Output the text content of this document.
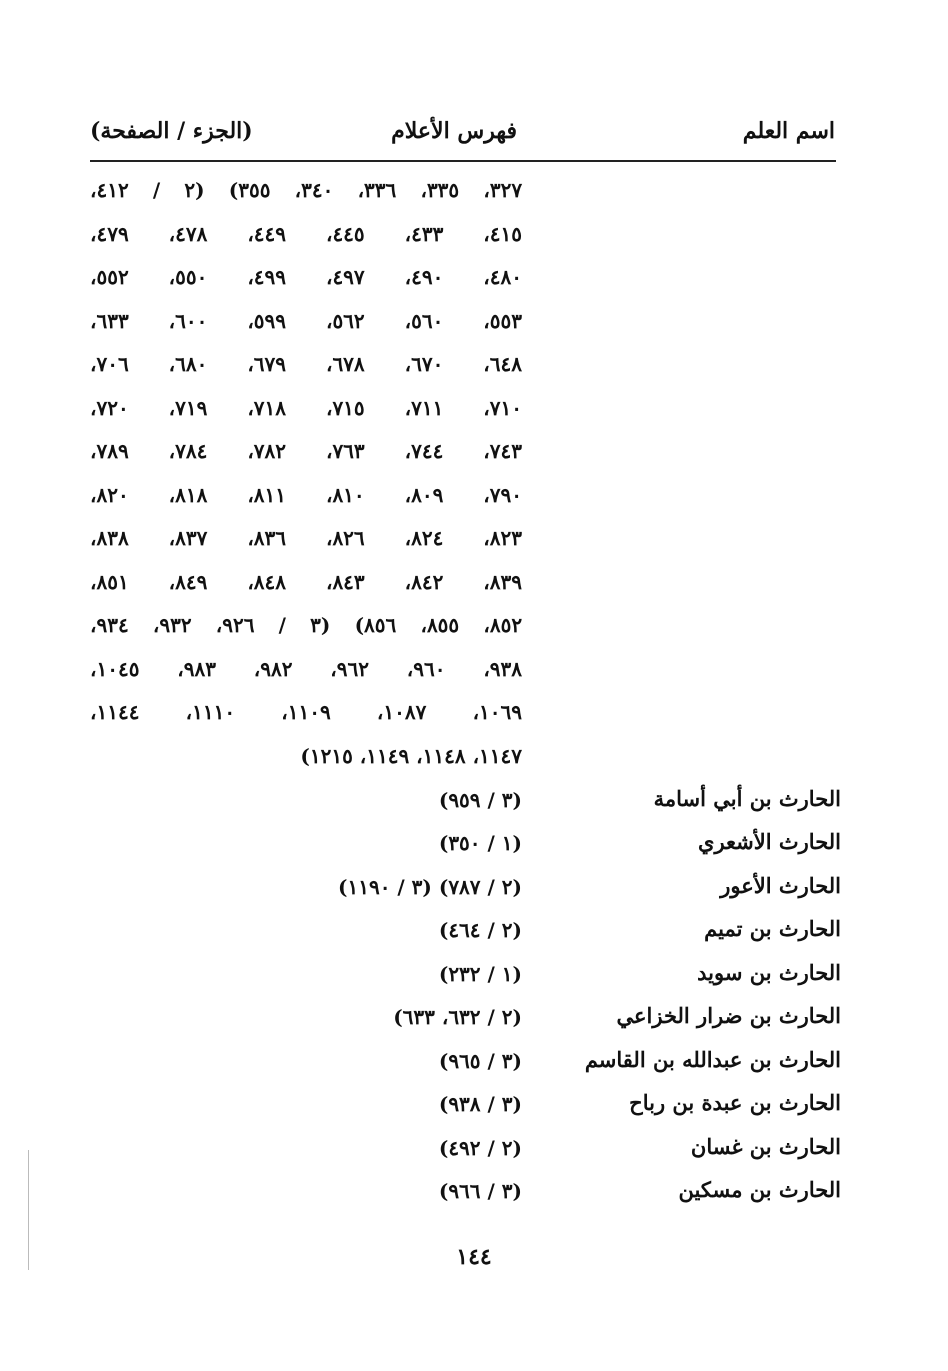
اسم العلم
فهرس الأعلام
(الجزء / الصفحة)
٣٢٧، ٣٣٥، ٣٣٦، ٣٤٠، ٣٥٥) (٢ / ٤١٢،
٤١٥، ٤٣٣، ٤٤٥، ٤٤٩، ٤٧٨، ٤٧٩،
٤٨٠، ٤٩٠، ٤٩٧، ٤٩٩، ٥٥٠، ٥٥٢،
٥٥٣، ٥٦٠، ٥٦٢، ٥٩٩، ٦٠٠، ٦٣٣،
٦٤٨، ٦٧٠، ٦٧٨، ٦٧٩، ٦٨٠، ٧٠٦،
٧١٠، ٧١١، ٧١٥، ٧١٨، ٧١٩، ٧٢٠،
٧٤٣، ٧٤٤، ٧٦٣، ٧٨٢، ٧٨٤، ٧٨٩،
٧٩٠، ٨٠٩، ٨١٠، ٨١١، ٨١٨، ٨٢٠،
٨٢٣، ٨٢٤، ٨٢٦، ٨٣٦، ٨٣٧، ٨٣٨،
٨٣٩، ٨٤٢، ٨٤٣، ٨٤٨، ٨٤٩، ٨٥١،
٨٥٢، ٨٥٥، ٨٥٦) (٣ / ٩٢٦، ٩٣٢، ٩٣٤،
٩٣٨، ٩٦٠، ٩٦٢، ٩٨٢، ٩٨٣، ١٠٤٥،
١٠٦٩، ١٠٨٧، ١١٠٩، ١١١٠، ١١٤٤،
١١٤٧، ١١٤٨، ١١٤٩، ١٢١٥)
الحارث بن أبي أسامة
(٣ / ٩٥٩)
الحارث الأشعري
(١ / ٣٥٠)
الحارث الأعور
(٢ / ٧٨٧) (٣ / ١١٩٠)
الحارث بن تميم
(٢ / ٤٦٤)
الحارث بن سويد
(١ / ٢٣٢)
الحارث بن ضرار الخزاعي
(٢ / ٦٣٢، ٦٣٣)
الحارث بن عبدالله بن القاسم
(٣ / ٩٦٥)
الحارث بن عبدة بن رباح
(٣ / ٩٣٨)
الحارث بن غسان
(٢ / ٤٩٢)
الحارث بن مسكين
(٣ / ٩٦٦)
١٤٤
